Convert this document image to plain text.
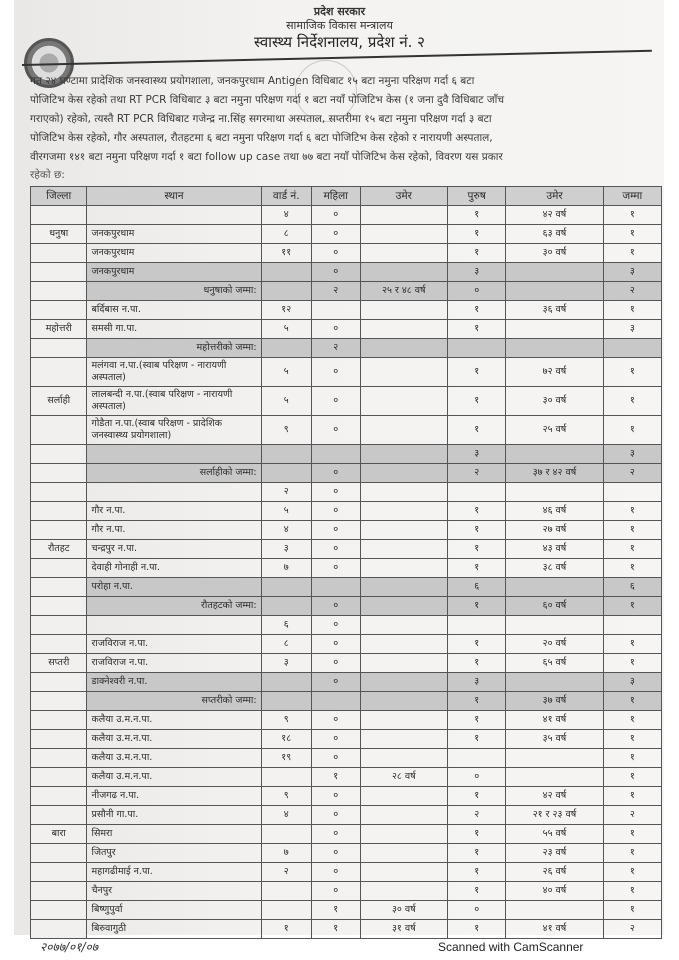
प्रदेश सरकार
सामाजिक विकास मन्त्रालय
स्वास्थ्य निर्देशनालय, प्रदेश नं. २
गत २४ घण्टामा प्रादेशिक जनस्वास्थ्य प्रयोगशाला, जनकपुरधाम Antigen विधिबाट १५ बटा नमुना परिक्षण गर्दा ६ बटा
पोजिटिभ केस रहेको तथा RT PCR विधिबाट ३ बटा नमुना परिक्षण गर्दा १ बटा नयाँ पोजिटिभ केस (१ जना दुवै विधिबाट जाँच
गराएको) रहेको, त्यस्तै RT PCR विधिबाट गजेन्द्र ना.सिंह सगरमाथा अस्पताल, सप्तरीमा १५ बटा नमुना परिक्षण गर्दा ३ बटा
पोजिटिभ केस रहेको, गौर अस्पताल, रौतहटमा ६ बटा नमुना परिक्षण गर्दा ६ बटा पोजिटिभ केस रहेको र नारायणी अस्पताल,
वीरगजमा १४१ बटा नमुना परिक्षण गर्दा १ बटा follow up case तथा ७७ बटा नयाँ पोजिटिभ केस रहेको, विवरण यस प्रकार
रहेको छ:
जिल्ला	स्थान	वार्ड नं.	महिला	उमेर	पुरुष	उमेर	जम्मा
		४	०		१	४२ वर्ष	१
धनुषा	जनकपुरधाम	८	०		१	६३ वर्ष	१
	जनकपुरधाम	११	०		१	३० वर्ष	१
	जनकपुरधाम		०		३		३
	धनुषाको जम्मा:		२	२५ र ४८ वर्ष	०		२
	बर्दिबास न.पा.	१२			१	३६ वर्ष	१
महोत्तरी	समसी गा.पा.	५	०		१		३
	महोत्तरीको जम्मा:		२				
	मलंगवा न.पा.(स्वाब परिक्षण - नारायणी अस्पताल)	५	०		१	७२ वर्ष	१
सर्लाही	लालबन्दी न.पा.(स्वाब परिक्षण - नारायणी अस्पताल)	५	०		१	३० वर्ष	१
	गोडैता न.पा.(स्वाब परिक्षण - प्रादेशिक जनस्वास्थ्य प्रयोगशाला)	९	०		१	२५ वर्ष	१
					३		३
	सर्लाहीको जम्मा:		०		२	३७ र ४२ वर्ष	२
		२	०				
	गौर न.पा.	५	०		१	४६ वर्ष	१
	गौर न.पा.	४	०		१	२७ वर्ष	१
रौतहट	चन्द्रपुर न.पा.	३	०		१	४३ वर्ष	१
	देवाही गोनाही न.पा.	७	०		१	३८ वर्ष	१
	परोहा न.पा.				६		६
	रौतहटको जम्मा:		०		१	६० वर्ष	१
		६	०				
	राजविराज न.पा.	८	०		१	२० वर्ष	१
सप्तरी	राजविराज न.पा.	३	०		१	६५ वर्ष	१
	डाक्नेश्वरी न.पा.		०		३		३
	सप्तरीको जम्मा:				१	३७ वर्ष	१
	कलैया उ.म.न.पा.	९	०		१	४१ वर्ष	१
	कलैया उ.म.न.पा.	१८	०		१	३५ वर्ष	१
	कलैया उ.म.न.पा.	१९	०				१
	कलैया उ.म.न.पा.		१	२८ वर्ष	०		१
	नीजगढ न.पा.	९	०		१	४२ वर्ष	१
	प्रसौनी गा.पा.	४	०		२	२१ र २३ वर्ष	२
बारा	सिमरा		०		१	५५ वर्ष	१
	जितपुर	७	०		१	२३ वर्ष	१
	महागढीमाई न.पा.	२	०		१	२६ वर्ष	१
	चैनपुर		०		१	४० वर्ष	१
	बिष्णुपुर्वा		१	३० वर्ष	०		१
	बिरुवागुठी	१	१	३१ वर्ष	१	४१ वर्ष	२
२०७७/०१/०७	Scanned with CamScanner
